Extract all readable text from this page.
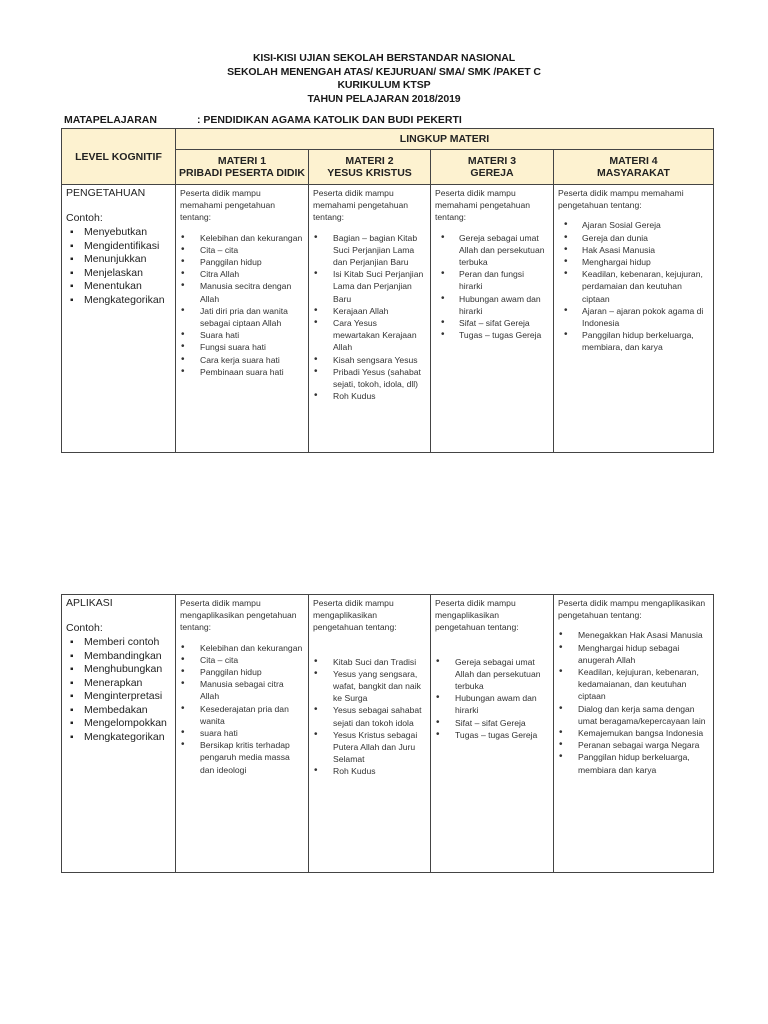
KISI-KISI UJIAN SEKOLAH BERSTANDAR NASIONAL
SEKOLAH MENENGAH ATAS/ KEJURUAN/ SMA/ SMK /PAKET C
KURIKULUM KTSP
TAHUN PELAJARAN 2018/2019
MATAPELAJARAN	: PENDIDIKAN AGAMA KATOLIK DAN BUDI PEKERTI
LEVEL KOGNITIF	LINGKUP MATERI			

MATERI 1
PRIBADI PESERTA DIDIK

MATERI 2
YESUS KRISTUS

MATERI 3
GEREJA

MATERI 4
MASYARAKAT

PENGETAHUAN
Contoh:
▪ Menyebutkan
▪ Mengidentifikasi
▪ Menunjukkan
▪ Menjelaskan
▪ Menentukan
▪ Mengkategorikan

Peserta didik mampu memahami pengetahuan tentang:
• Kelebihan dan kekurangan
• Cita – cita
• Panggilan hidup
• Citra Allah
• Manusia secitra dengan Allah
• Jati diri pria dan wanita sebagai ciptaan Allah
• Suara hati
• Fungsi suara hati
• Cara kerja suara hati
• Pembinaan suara hati

Peserta didik mampu memahami pengetahuan tentang:
• Bagian – bagian Kitab Suci Perjanjian Lama dan Perjanjian Baru
• Isi Kitab Suci Perjanjian Lama dan Perjanjian Baru
• Kerajaan Allah
• Cara Yesus mewartakan Kerajaan Allah
• Kisah sengsara Yesus
• Pribadi Yesus (sahabat sejati, tokoh, idola, dll)
• Roh Kudus

Peserta didik mampu memahami pengetahuan tentang:
• Gereja sebagai umat Allah dan persekutuan terbuka
• Peran dan fungsi hirarki
• Hubungan awam dan hirarki
• Sifat – sifat Gereja
• Tugas – tugas Gereja

Peserta didik mampu memahami pengetahuan tentang:
• Ajaran Sosial Gereja
• Gereja dan dunia
• Hak Asasi Manusia
• Menghargai hidup
• Keadilan, kebenaran, kejujuran, perdamaian dan keutuhan ciptaan
• Ajaran – ajaran pokok agama di Indonesia
• Panggilan hidup berkeluarga, membiara, dan karya
APLIKASI
Contoh:
▪ Memberi contoh
▪ Membandingkan
▪ Menghubungkan
▪ Menerapkan
▪ Menginterpretasi
▪ Membedakan
▪ Mengelompokkan
▪ Mengkategorikan

Peserta didik mampu mengaplikasikan pengetahuan tentang:
• Kelebihan dan kekurangan
• Cita – cita
• Panggilan hidup
• Manusia sebagai citra Allah
• Kesederajatan pria dan wanita
• suara hati
• Bersikap kritis terhadap pengaruh media massa dan ideologi

Peserta didik mampu mengaplikasikan pengetahuan tentang:
• Kitab Suci dan Tradisi
• Yesus yang sengsara, wafat, bangkit dan naik ke Surga
• Yesus sebagai sahabat sejati dan tokoh idola
• Yesus Kristus sebagai Putera Allah dan Juru Selamat
• Roh Kudus

Peserta didik mampu mengaplikasikan pengetahuan tentang:
• Gereja sebagai umat Allah dan persekutuan terbuka
• Hubungan awam dan hirarki
• Sifat – sifat Gereja
• Tugas – tugas Gereja

Peserta didik mampu mengaplikasikan pengetahuan tentang:
• Menegakkan Hak Asasi Manusia
• Menghargai hidup sebagai anugerah Allah
• Keadilan, kejujuran, kebenaran, kedamaianan, dan keutuhan ciptaan
• Dialog dan kerja sama dengan umat beragama/kepercayaan lain
• Kemajemukan bangsa Indonesia
• Peranan sebagai warga Negara
• Panggilan hidup berkeluarga, membiara dan karya
